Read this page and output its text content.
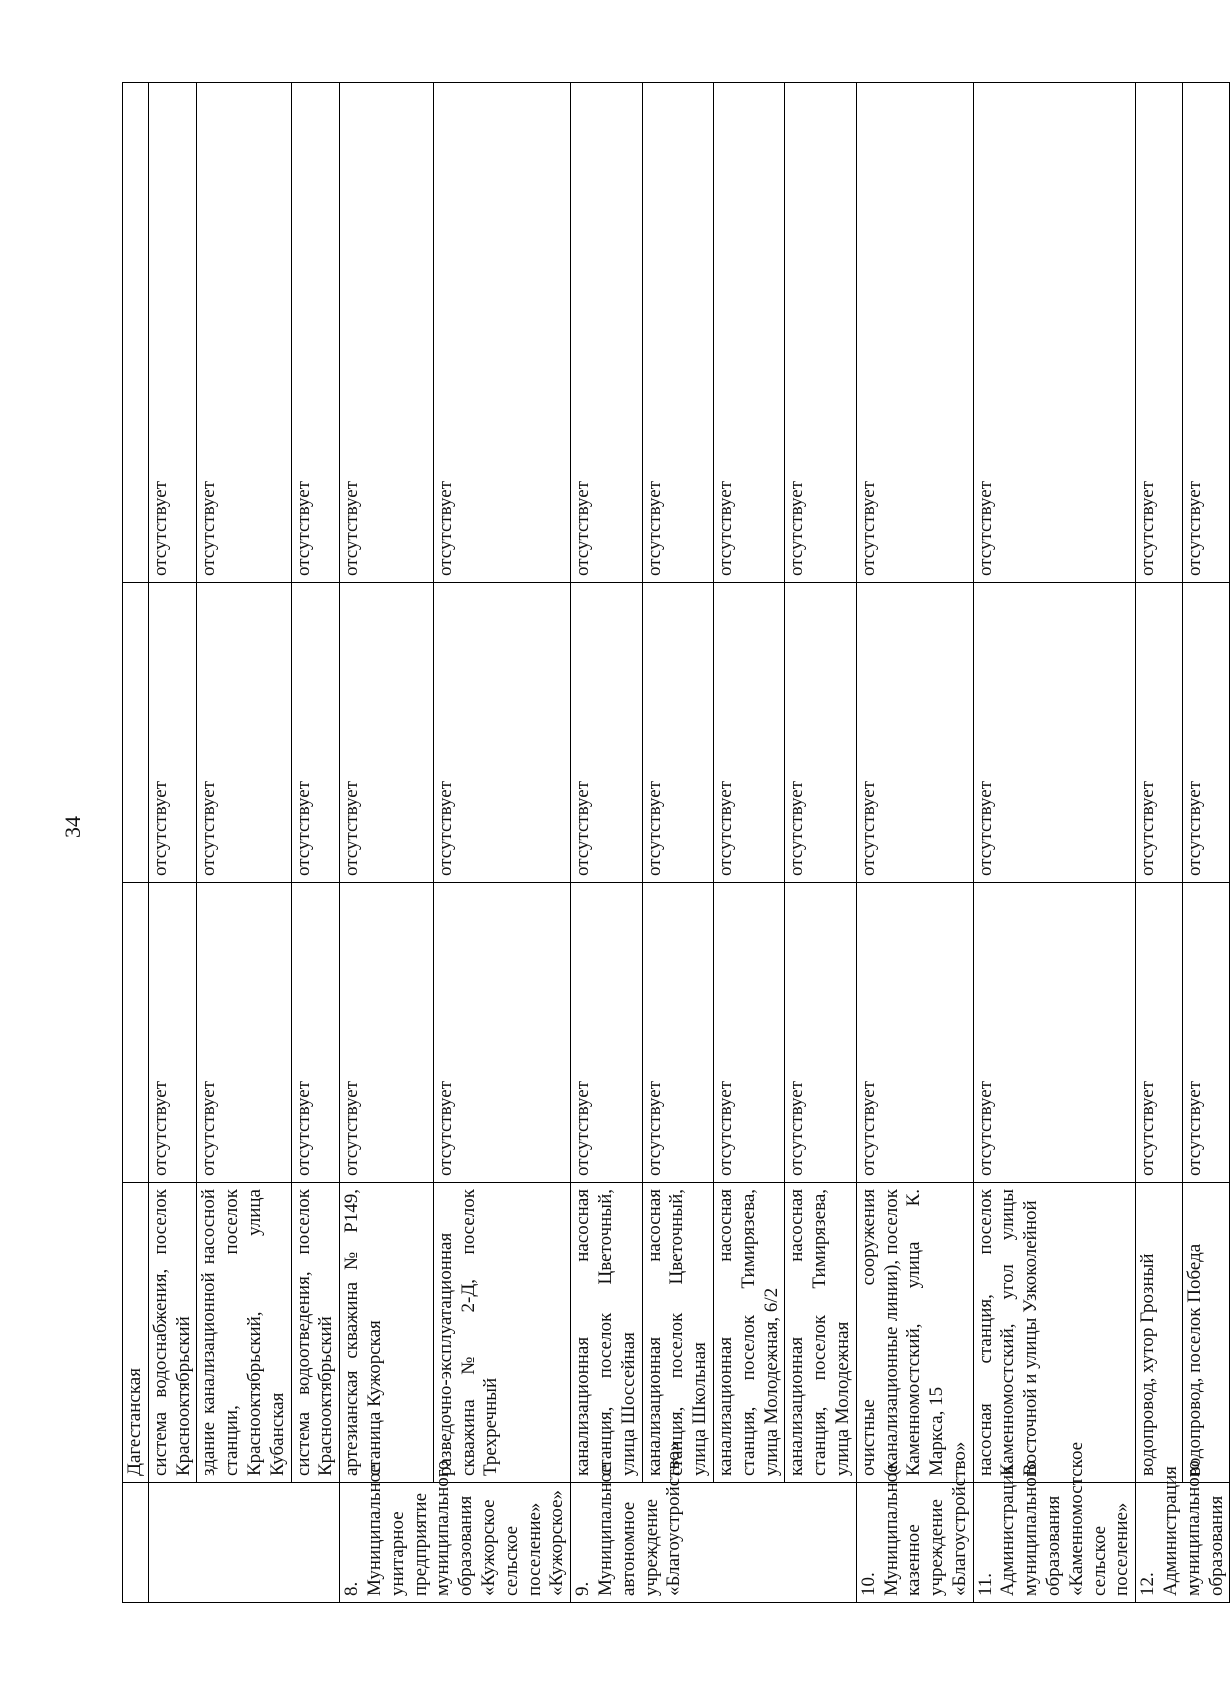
34
	Дагестанская			
	система водоснабжения, поселок Краснооктябрьский	отсутствует	отсутствует	отсутствует
	здание канализационной насосной станции, поселок Краснооктябрьский, улица Кубанская	отсутствует	отсутствует	отсутствует
	система водоотведения, поселок Краснооктябрьский	отсутствует	отсутствует	отсутствует
8. Муниципальное унитарное предприятие муниципального образования «Кужорское сельское поселение» «Кужорское»	артезианская скважина № Р149, станица Кужорская	отсутствует	отсутствует	отсутствует
	разведочно-эксплуатационная скважина № 2-Д, поселок Трехречный	отсутствует	отсутствует	отсутствует
9. Муниципальное автономное учреждение «Благоустройство»	канализационная насосная станция, поселок Цветочный, улица Шоссейная	отсутствует	отсутствует	отсутствует
	канализационная насосная станция, поселок Цветочный, улица Школьная	отсутствует	отсутствует	отсутствует
	канализационная насосная станция, поселок Тимирязева, улица Молодежная, 6/2	отсутствует	отсутствует	отсутствует
	канализационная насосная станция, поселок Тимирязева, улица Молодежная	отсутствует	отсутствует	отсутствует
10. Муниципальное казенное учреждение «Благоустройство»	очистные сооружения (канализационные линии), поселок Каменномостский, улица К. Маркса, 15	отсутствует	отсутствует	отсутствует
11. Администрация муниципального образования «Каменномостское сельское поселение»	насосная станция, поселок Каменномостский, угол улицы Восточной и улицы Узкоколейной	отсутствует	отсутствует	отсутствует
12. Администрация муниципального образования	водопровод, хутор Грозный	отсутствует	отсутствует	отсутствует
	водопровод, поселок Победа	отсутствует	отсутствует	отсутствует
